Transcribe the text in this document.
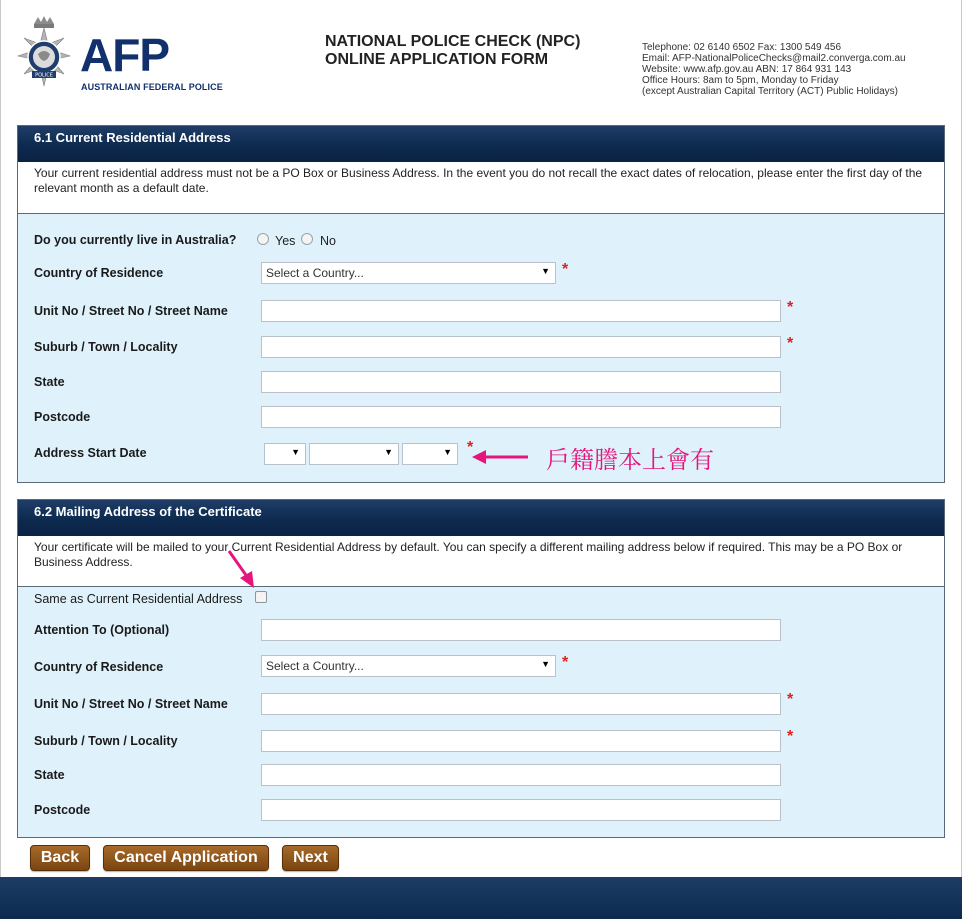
POLICE AFP
AUSTRALIAN FEDERAL POLICE
NATIONAL POLICE CHECK (NPC)
ONLINE APPLICATION FORM
Telephone: 02 6140 6502 Fax: 1300 549 456
Email: AFP-NationalPoliceChecks@mail2.converga.com.au
Website: www.afp.gov.au ABN: 17 864 931 143
Office Hours: 8am to 5pm, Monday to Friday
(except Australian Capital Territory (ACT) Public Holidays)
6.1 Current Residential Address
Your current residential address must not be a PO Box or Business Address. In the event you do not recall the exact dates of relocation, please enter the first day of the relevant month as a default date.
Do you currently live in Australia?	Yes No
Country of Residence	Select a Country...	▼ *
Unit No / Street No / Street Name	*
Suburb / Town / Locality	*
State
Postcode
Address Start Date	▼	▼	▼ *	戶籍謄本上會有
6.2 Mailing Address of the Certificate
Your certificate will be mailed to your Current Residential Address by default. You can specify a different mailing address below if required. This may be a PO Box or Business Address.
Same as Current Residential Address
Attention To (Optional)
Country of Residence	Select a Country...	▼ *
Unit No / Street No / Street Name	*
Suburb / Town / Locality	*
State
Postcode
Back	Cancel Application	Next
